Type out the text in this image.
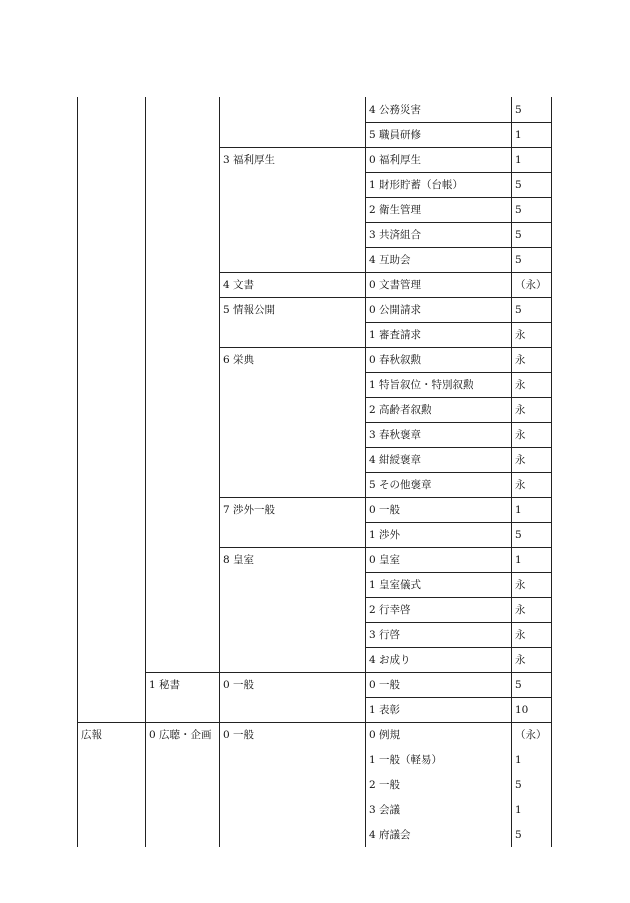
			4 公務災害	5
			5 職員研修	1
		3 福利厚生	0 福利厚生	1
			1 財形貯蓄（台帳）	5
			2 衛生管理	5
			3 共済組合	5
			4 互助会	5
		4 文書	0 文書管理	（永）
		5 情報公開	0 公開請求	5
			1 審査請求	永
		6 栄典	0 春秋叙勲	永
			1 特旨叙位・特別叙勲	永
			2 高齢者叙勲	永
			3 春秋褒章	永
			4 紺綬褒章	永
			5 その他褒章	永
		7 渉外一般	0 一般	1
			1 渉外	5
		8 皇室	0 皇室	1
			1 皇室儀式	永
			2 行幸啓	永
			3 行啓	永
			4 お成り	永
	1 秘書	0 一般	0 一般	5
			1 表彰	10
広報	0 広聴・企画	0 一般	0 例規	（永）
			1 一般（軽易）	1
			2 一般	5
			3 会議	1
			4 府議会	5
